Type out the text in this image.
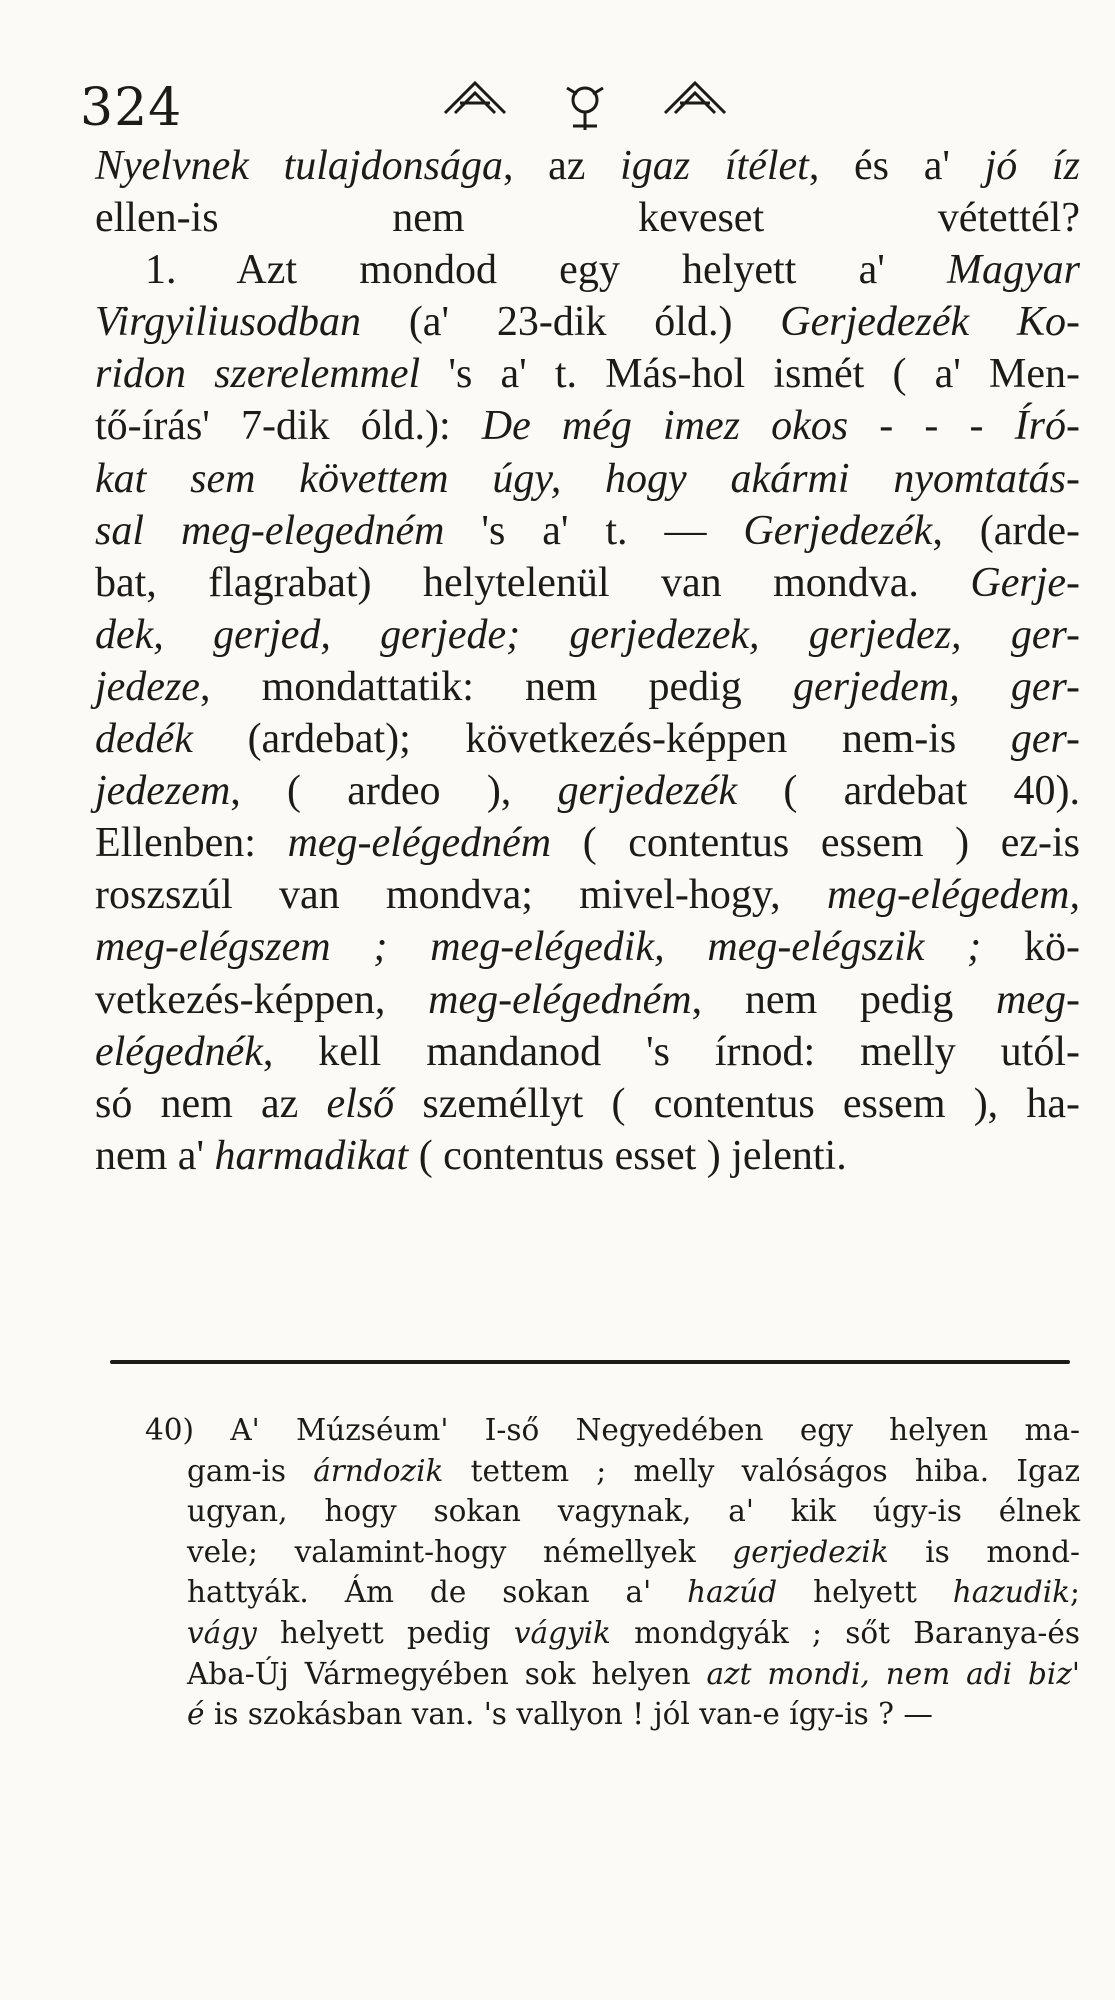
324
Nyelvnek tulajdonsága, az igaz ítélet, és a' jó íz
ellen-is nem keveset vétettél?
1. Azt mondod egy helyett a' Magyar
Virgyiliusodban (a' 23-dik óld.) Gerjedezék Ko-
ridon szerelemmel 's a' t. Más-hol ismét ( a' Men-
tő-írás' 7-dik óld.): De még imez okos - - - Író-
kat sem követtem úgy, hogy akármi nyomtatás-
sal meg-elegedném 's a' t. — Gerjedezék, (arde-
bat, flagrabat) helytelenül van mondva. Gerje-
dek, gerjed, gerjede; gerjedezek, gerjedez, ger-
jedeze, mondattatik: nem pedig gerjedem, ger-
dedék (ardebat); következés-képpen nem-is ger-
jedezem, ( ardeo ), gerjedezék ( ardebat 40).
Ellenben: meg-elégedném ( contentus essem ) ez-is
roszszúl van mondva; mivel-hogy, meg-elégedem,
meg-elégszem ; meg-elégedik, meg-elégszik ; kö-
vetkezés-képpen, meg-elégedném, nem pedig meg-
elégednék, kell mandanod 's írnod: melly utól-
só nem az első személlyt ( contentus essem ), ha-
nem a' harmadikat ( contentus esset ) jelenti.
40) A' Múzséum' I-ső Negyedében egy helyen ma-
gam-is árndozik tettem ; melly valóságos hiba. Igaz
ugyan, hogy sokan vagynak, a' kik úgy-is élnek
vele; valamint-hogy némellyek gerjedezik is mond-
hattyák. Ám de sokan a' hazúd helyett hazudik;
vágy helyett pedig vágyik mondgyák ; sőt Baranya-és
Aba-Új Vármegyében sok helyen azt mondi, nem adi biz'
é is szokásban van. 's vallyon ! jól van-e így-is ? —
